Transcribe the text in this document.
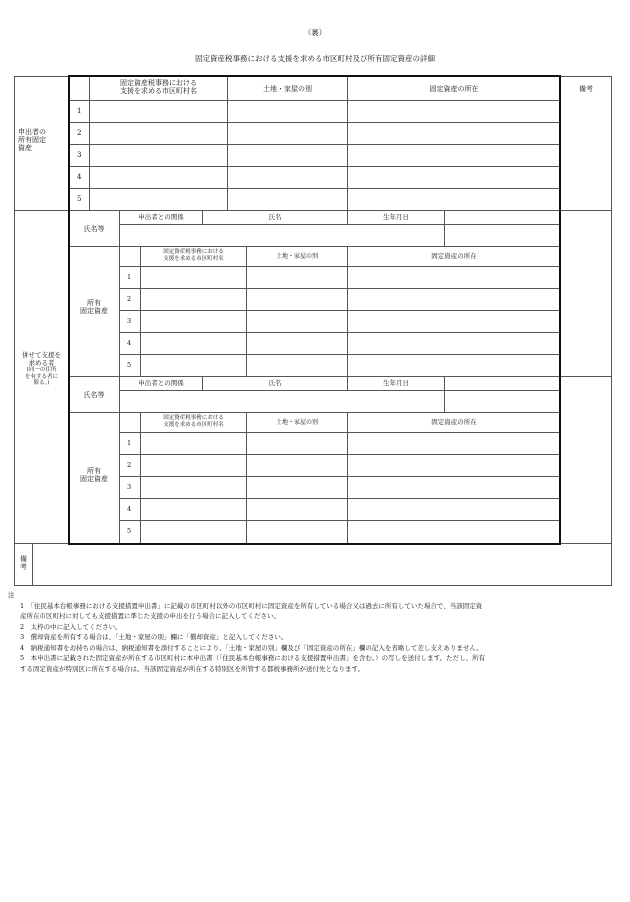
（裏）
固定資産税事務における支援を求める市区町村及び所有固定資産の詳細
固定資産税事務における
支援を求める市区町村名	土地・家屋の別	固定資産の所在	備考
申出者の
所有固定
資産
1
2
3
4
5
併せて支援を
求める者
(同一の住所
を有する者に
限る。)
氏名等
申出者との関係	氏名	生年月日
所有
固定資産
固定資産税事務における
支援を求める市区町村名	土地・家屋の別	固定資産の所在
1
2
3
4
5
氏名等
申出者との関係	氏名	生年月日
所有
固定資産
固定資産税事務における
支援を求める市区町村名	土地・家屋の別	固定資産の所在
1
2
3
4
5
備
考
注
1　「住民基本台帳事務における支援措置申出書」に記載の市区町村以外の市区町村に固定資産を所有している場合又は過去に所有していた場合で、当該固定資
産所在市区町村に対しても支援措置に準じた支援の申出を行う場合に記入してください。
2　太枠の中に記入してください。
3　償却資産を所有する場合は、「土地・家屋の別」欄に「償却資産」と記入してください。
4　納税通知書をお持ちの場合は、納税通知書を添付することにより、「土地・家屋の別」欄及び「固定資産の所在」欄の記入を省略して差し支えありません。
5　本申出書に記載された固定資産が所在する市区町村に本申出書（「住民基本台帳事務における支援措置申出書」を含む。）の写しを送付します。ただし、所有
する固定資産が特別区に所在する場合は、当該固定資産が所在する特別区を所管する都税事務所が送付先となります。
